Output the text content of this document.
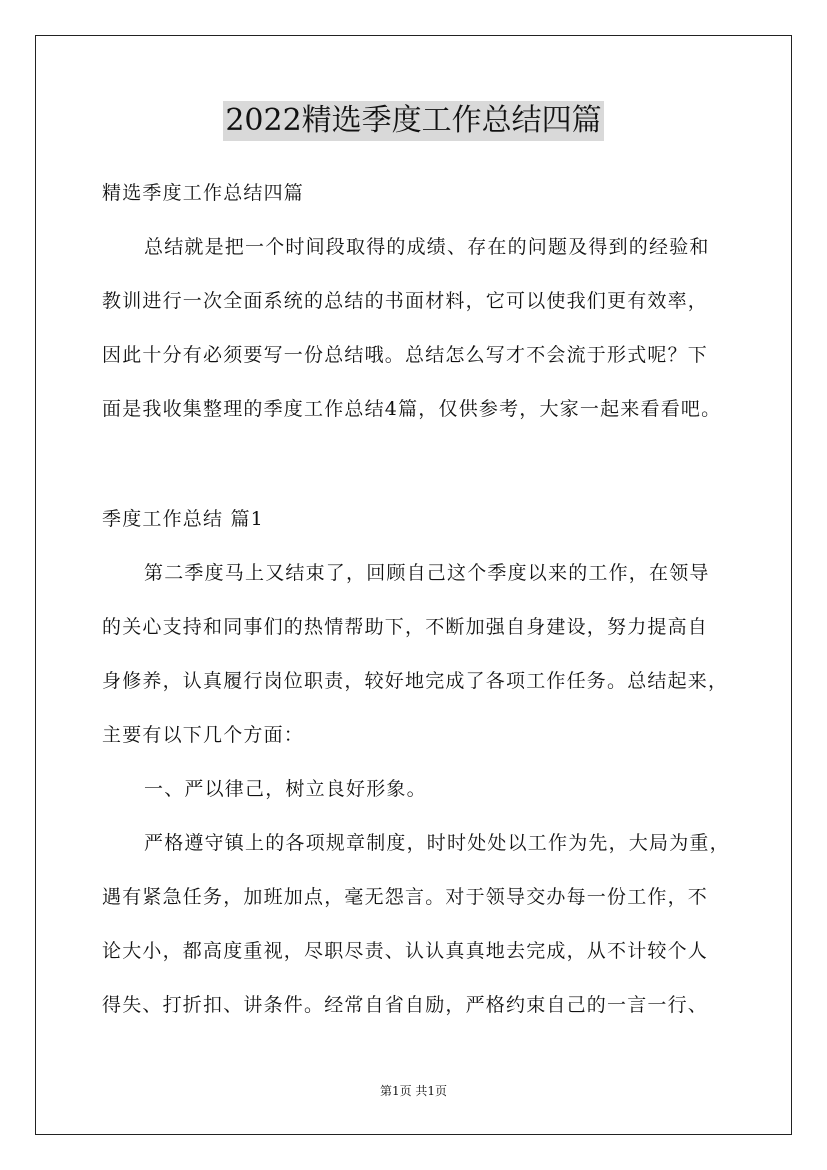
2022精选季度工作总结四篇
精选季度工作总结四篇
总结就是把一个时间段取得的成绩、存在的问题及得到的经验和
教训进行一次全面系统的总结的书面材料，它可以使我们更有效率，
因此十分有必须要写一份总结哦。总结怎么写才不会流于形式呢？下
面是我收集整理的季度工作总结4篇，仅供参考，大家一起来看看吧。
季度工作总结 篇1
第二季度马上又结束了，回顾自己这个季度以来的工作，在领导
的关心支持和同事们的热情帮助下，不断加强自身建设，努力提高自
身修养，认真履行岗位职责，较好地完成了各项工作任务。总结起来，
主要有以下几个方面：
一、严以律己，树立良好形象。
严格遵守镇上的各项规章制度，时时处处以工作为先，大局为重，
遇有紧急任务，加班加点，毫无怨言。对于领导交办每一份工作，不
论大小，都高度重视，尽职尽责、认认真真地去完成，从不计较个人
得失、打折扣、讲条件。经常自省自励，严格约束自己的一言一行、
第1页 共1页
